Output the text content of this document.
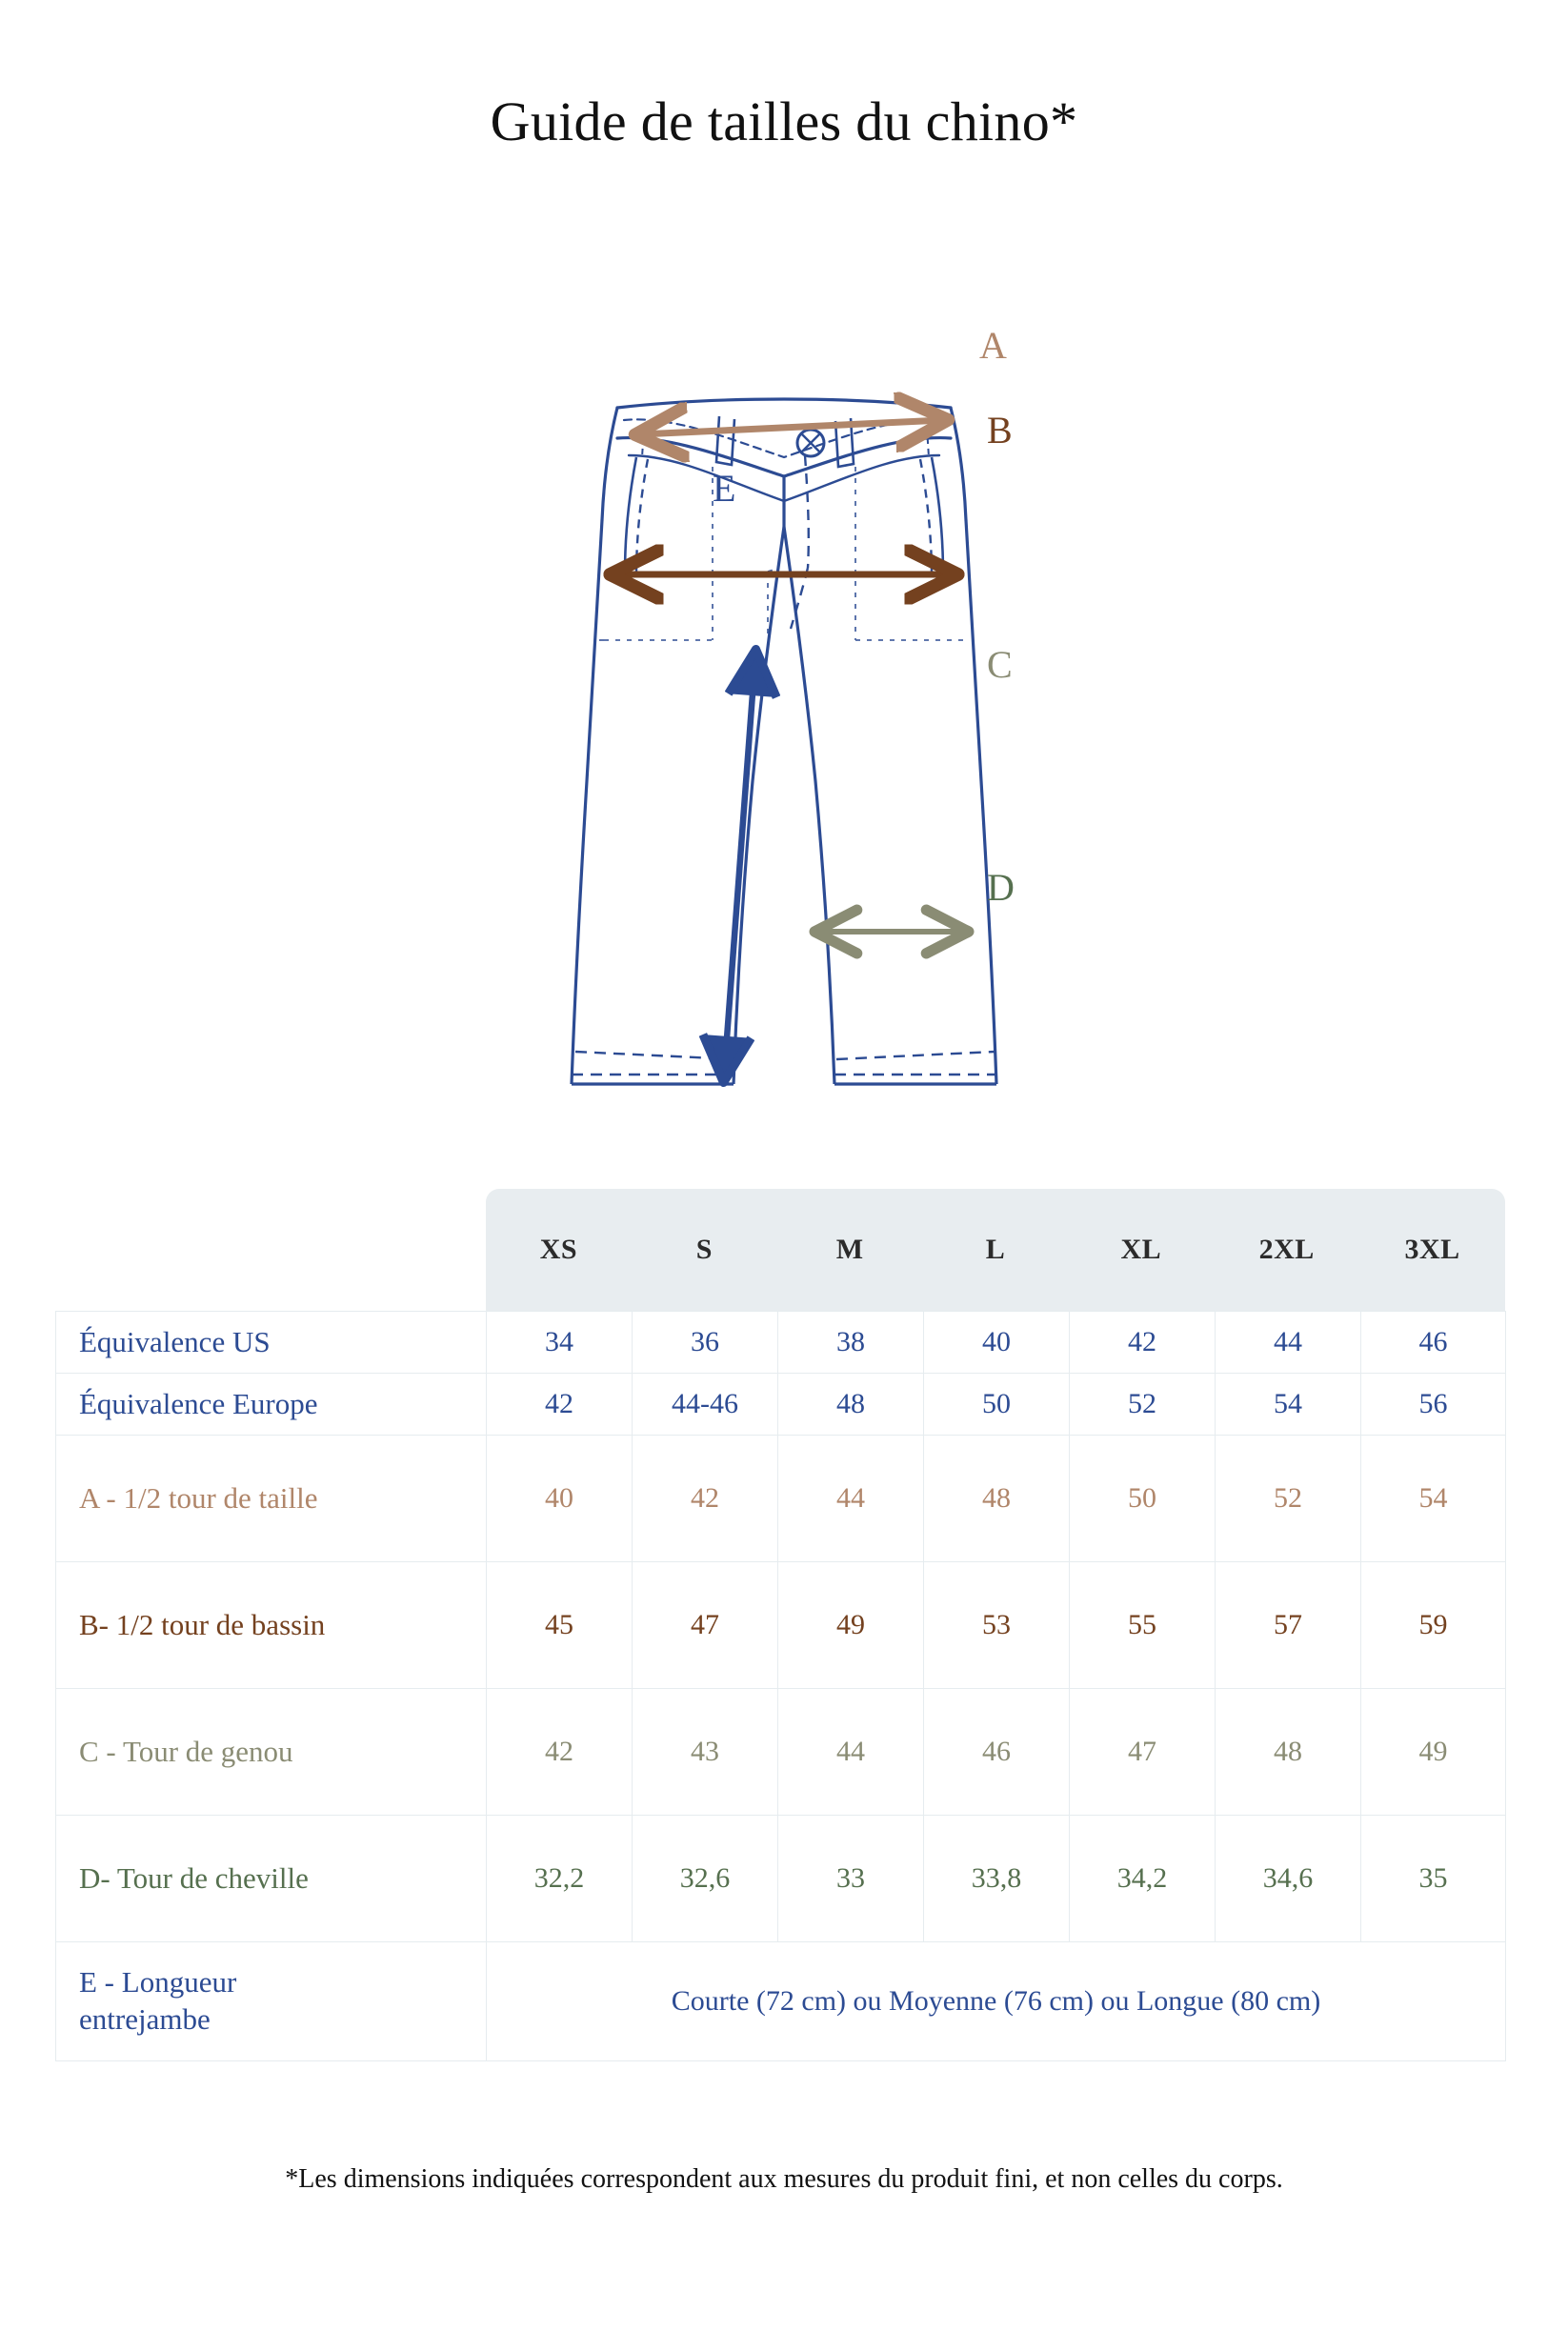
Guide de tailles du chino*
A
B
C
D
E
XS	S	M	L	XL	2XL	3XL
Équivalence US	34	36	38	40	42	44	46
Équivalence Europe	42	44-46	48	50	52	54	56
A - 1/2 tour de taille	40	42	44	48	50	52	54
B- 1/2 tour de bassin	45	47	49	53	55	57	59
C - Tour de genou	42	43	44	46	47	48	49
D- Tour de cheville	32,2	32,6	33	33,8	34,2	34,6	35
E - Longueur
entrejambe	Courte (72 cm) ou Moyenne (76 cm) ou Longue (80 cm)						
*Les dimensions indiquées correspondent aux mesures du produit fini, et non celles du corps.
